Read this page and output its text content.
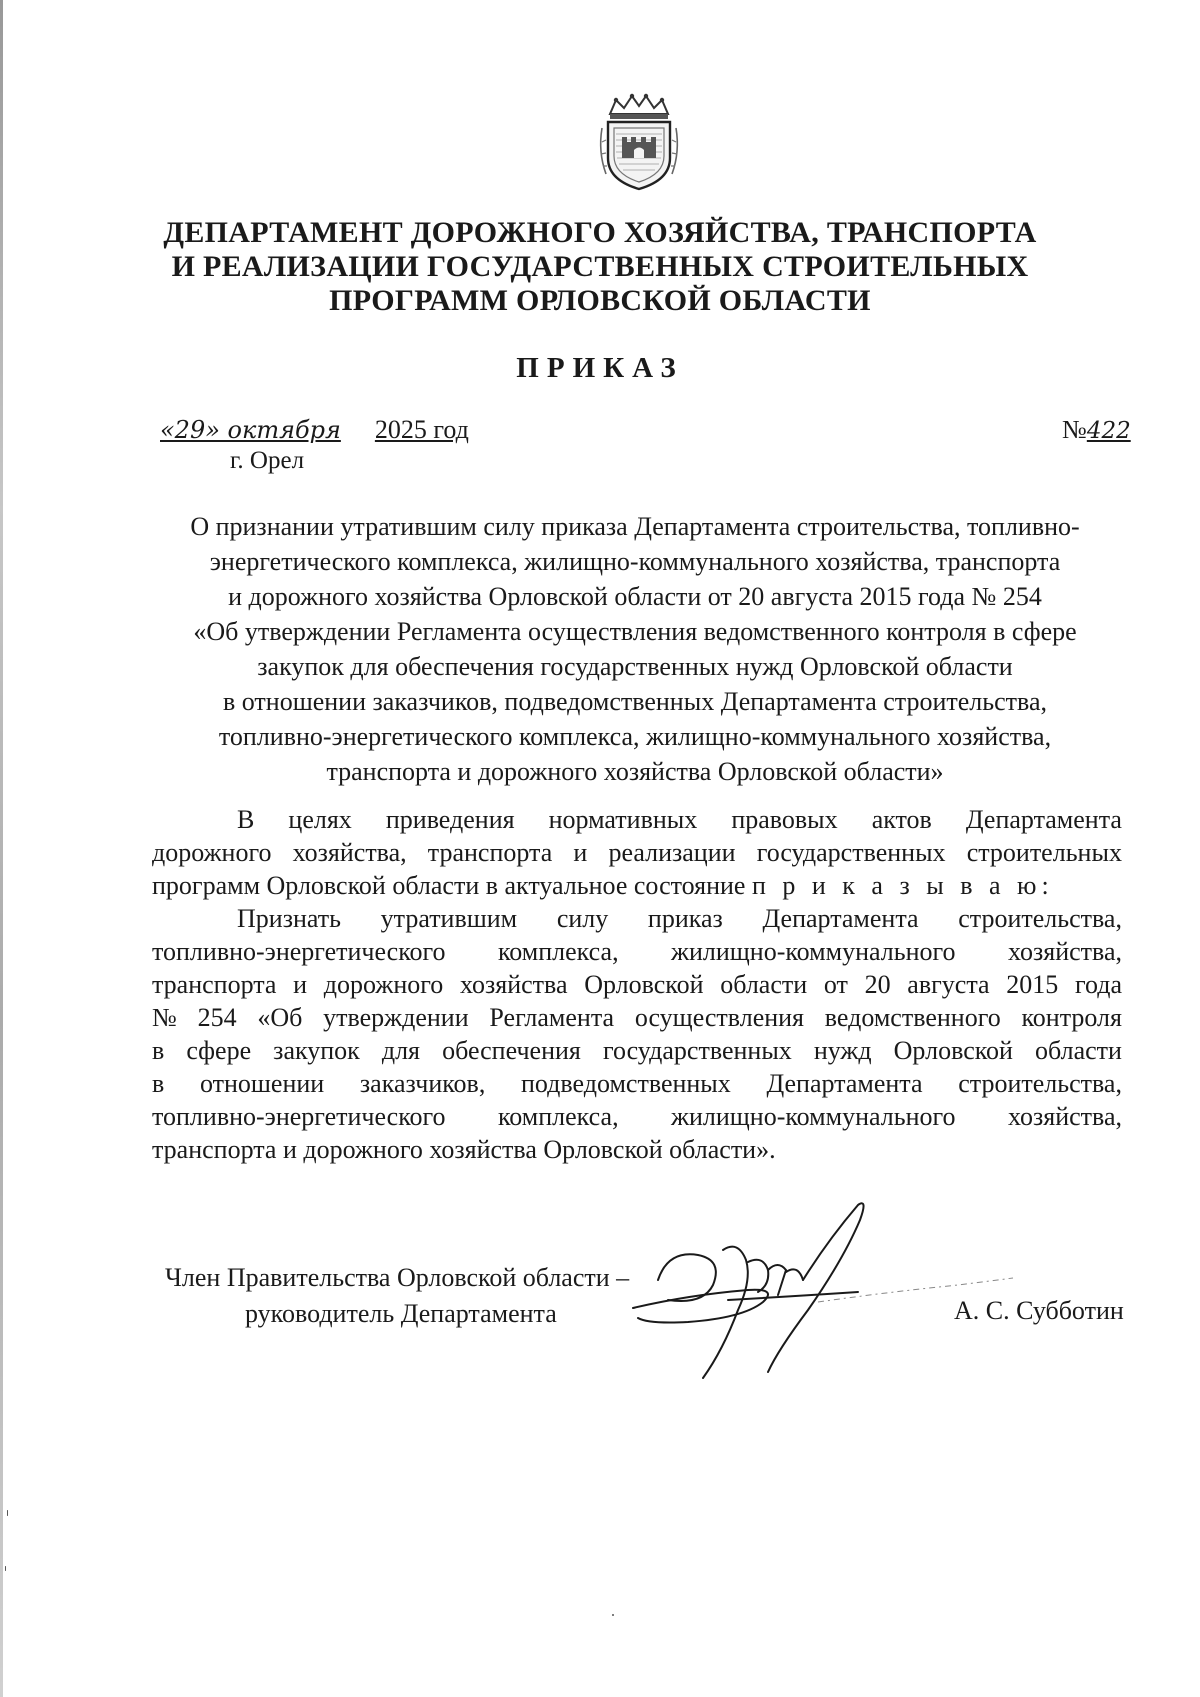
ДЕПАРТАМЕНТ ДОРОЖНОГО ХОЗЯЙСТВА, ТРАНСПОРТА
И РЕАЛИЗАЦИИ ГОСУДАРСТВЕННЫХ СТРОИТЕЛЬНЫХ
ПРОГРАММ ОРЛОВСКОЙ ОБЛАСТИ
ПРИКАЗ
«29» октября 2025 год
г. Орел
№422
О признании утратившим силу приказа Департамента строительства, топливно-
энергетического комплекса, жилищно-коммунального хозяйства, транспорта
и дорожного хозяйства Орловской области от 20 августа 2015 года № 254
«Об утверждении Регламента осуществления ведомственного контроля в сфере
закупок для обеспечения государственных нужд Орловской области
в отношении заказчиков, подведомственных Департамента строительства,
топливно-энергетического комплекса, жилищно-коммунального хозяйства,
транспорта и дорожного хозяйства Орловской области»
В целях приведения нормативных правовых актов Департамента
дорожного хозяйства, транспорта и реализации государственных строительных
программ Орловской области в актуальное состояние
п р и к а з ы в а ю:
Признать утратившим силу приказ Департамента строительства,
топливно-энергетического комплекса, жилищно-коммунального хозяйства,
транспорта и дорожного хозяйства Орловской области от 20 августа 2015 года
№ 254 «Об утверждении Регламента осуществления ведомственного контроля
в сфере закупок для обеспечения государственных нужд Орловской области
в отношении заказчиков, подведомственных Департамента строительства,
топливно-энергетического комплекса, жилищно-коммунального хозяйства,
транспорта и дорожного хозяйства Орловской области».
Член Правительства Орловской области –
руководитель Департамента	А. С. Субботин
